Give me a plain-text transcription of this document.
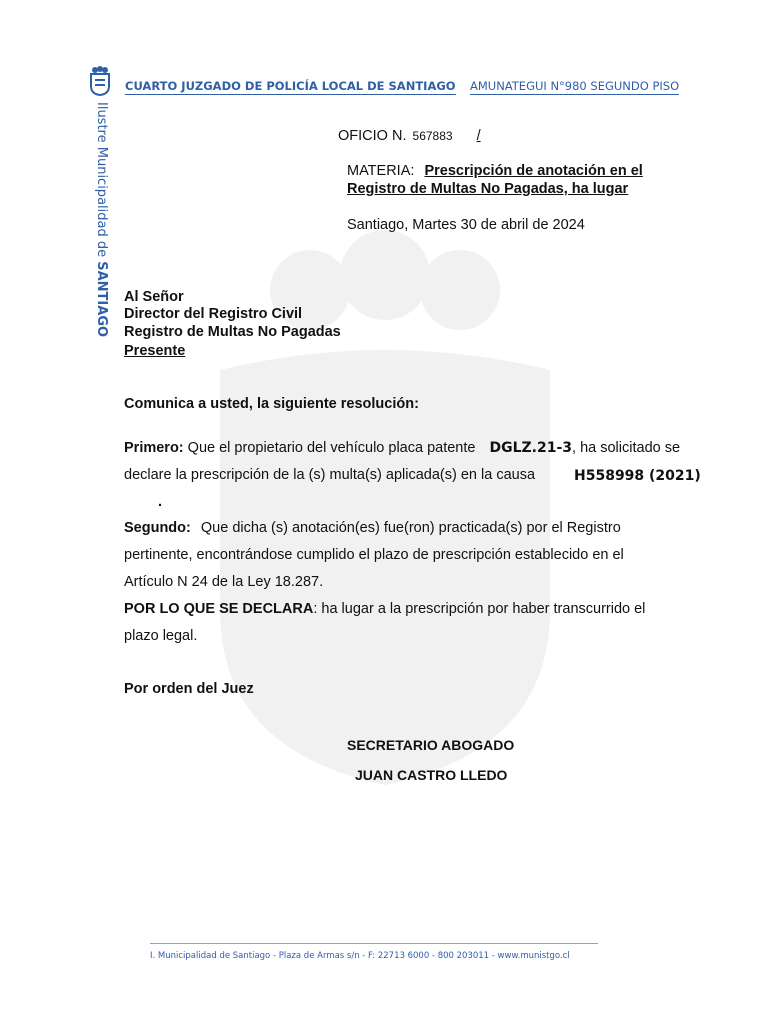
Ilustre Municipalidad de SANTIAGO
CUARTO JUZGADO DE POLICÍA LOCAL DE SANTIAGO AMUNATEGUI N°980 SEGUNDO PISO
OFICIO N. 567883 /
MATERIA: Prescripción de anotación en el
Registro de Multas No Pagadas, ha lugar
Santiago, Martes 30 de abril de 2024
Al Señor
Director del Registro Civil
Registro de Multas No Pagadas
Presente
Comunica a usted, la siguiente resolución:
Primero: Que el propietario del vehículo placa patente DGLZ.21-3, ha solicitado se
declare la prescripción de la (s) multa(s) aplicada(s) en la causa	H558998 (2021)
.
Segundo: Que dicha (s) anotación(es) fue(ron) practicada(s) por el Registro
pertinente, encontrándose cumplido el plazo de prescripción establecido en el
Artículo N 24 de la Ley 18.287.
POR LO QUE SE DECLARA: ha lugar a la prescripción por haber transcurrido el
plazo legal.
Por orden del Juez
SECRETARIO ABOGADO
JUAN CASTRO LLEDO
I. Municipalidad de Santiago - Plaza de Armas s/n - F: 22713 6000 - 800 203011 - www.munistgo.cl
